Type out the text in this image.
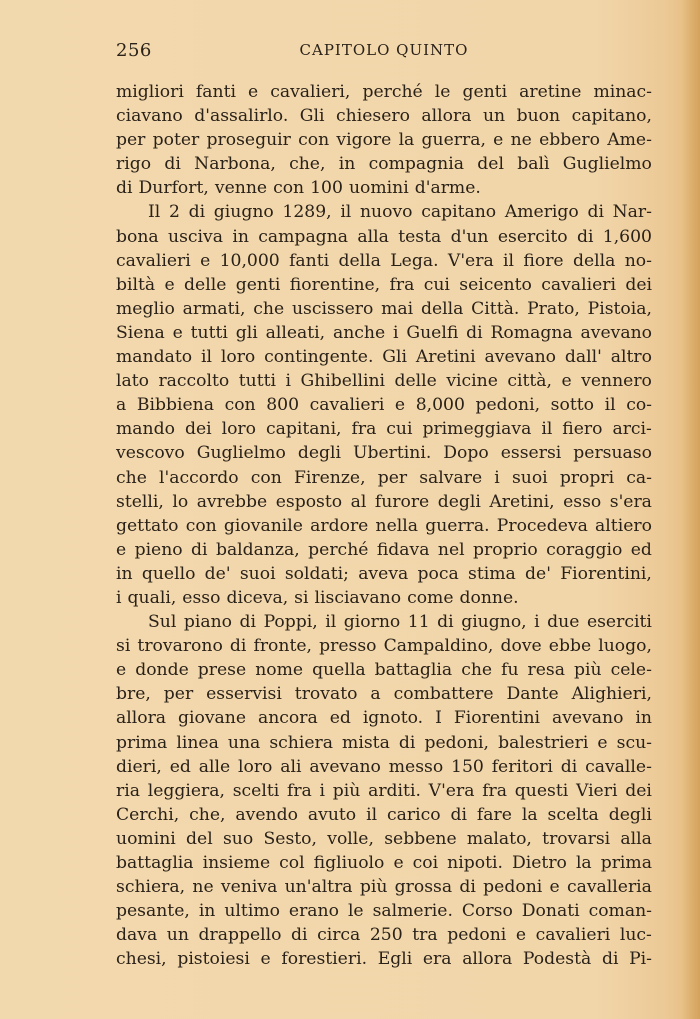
256	CAPITOLO QUINTO
migliori fanti e cavalieri, perché le genti aretine minac-
ciavano d'assalirlo. Gli chiesero allora un buon capitano,
per poter proseguir con vigore la guerra, e ne ebbero Ame-
rigo di Narbona, che, in compagnia del balì Guglielmo
di Durfort, venne con 100 uomini d'arme.
Il 2 di giugno 1289, il nuovo capitano Amerigo di Nar-
bona usciva in campagna alla testa d'un esercito di 1,600
cavalieri e 10,000 fanti della Lega. V'era il fiore della no-
biltà e delle genti fiorentine, fra cui seicento cavalieri dei
meglio armati, che uscissero mai della Città. Prato, Pistoia,
Siena e tutti gli alleati, anche i Guelfi di Romagna avevano
mandato il loro contingente. Gli Aretini avevano dall' altro
lato raccolto tutti i Ghibellini delle vicine città, e vennero
a Bibbiena con 800 cavalieri e 8,000 pedoni, sotto il co-
mando dei loro capitani, fra cui primeggiava il fiero arci-
vescovo Guglielmo degli Ubertini. Dopo essersi persuaso
che l'accordo con Firenze, per salvare i suoi propri ca-
stelli, lo avrebbe esposto al furore degli Aretini, esso s'era
gettato con giovanile ardore nella guerra. Procedeva altiero
e pieno di baldanza, perché fidava nel proprio coraggio ed
in quello de' suoi soldati; aveva poca stima de' Fiorentini,
i quali, esso diceva, si lisciavano come donne.
Sul piano di Poppi, il giorno 11 di giugno, i due eserciti
si trovarono di fronte, presso Campaldino, dove ebbe luogo,
e donde prese nome quella battaglia che fu resa più cele-
bre, per esservisi trovato a combattere Dante Alighieri,
allora giovane ancora ed ignoto. I Fiorentini avevano in
prima linea una schiera mista di pedoni, balestrieri e scu-
dieri, ed alle loro ali avevano messo 150 feritori di cavalle-
ria leggiera, scelti fra i più arditi. V'era fra questi Vieri dei
Cerchi, che, avendo avuto il carico di fare la scelta degli
uomini del suo Sesto, volle, sebbene malato, trovarsi alla
battaglia insieme col figliuolo e coi nipoti. Dietro la prima
schiera, ne veniva un'altra più grossa di pedoni e cavalleria
pesante, in ultimo erano le salmerie. Corso Donati coman-
dava un drappello di circa 250 tra pedoni e cavalieri luc-
chesi, pistoiesi e forestieri. Egli era allora Podestà di Pi-
